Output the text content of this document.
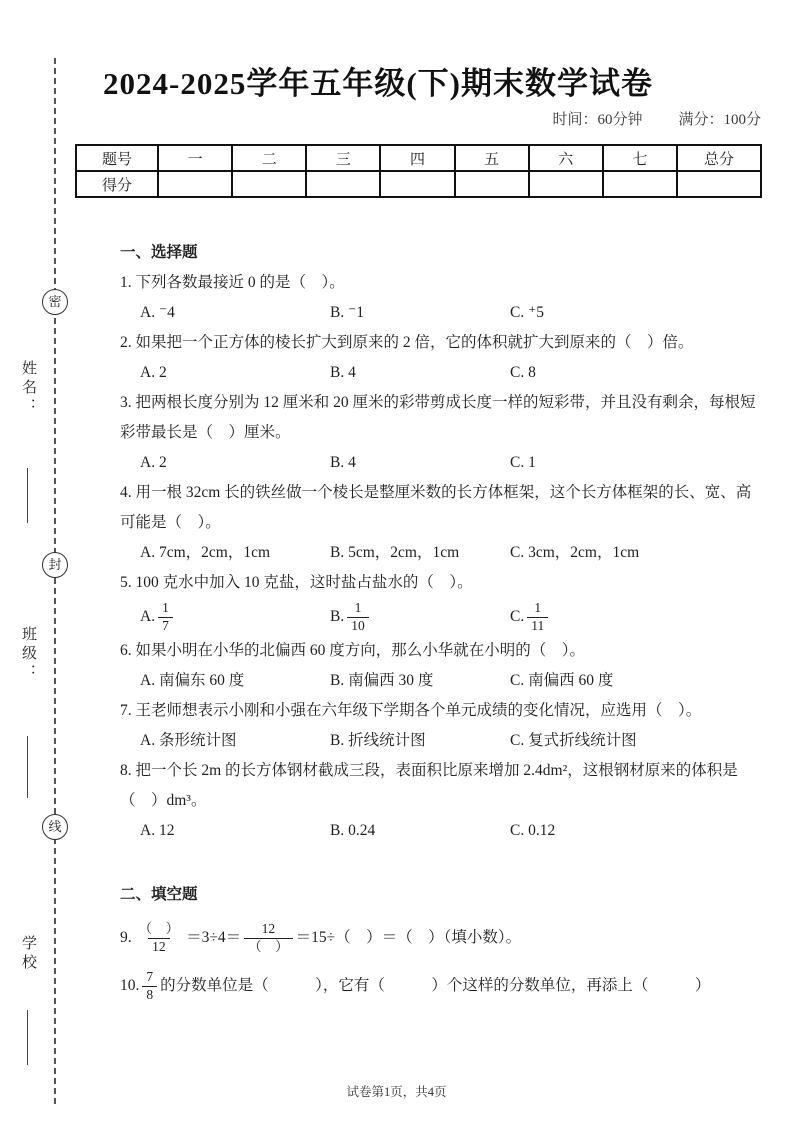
密
封
线
姓名：
班级：
学校
2024-2025学年五年级(下)期末数学试卷
时间：60分钟 满分：100分
题号	一	二	三	四	五	六	七	总分
得分								
一、选择题

1. 下列各数最接近 0 的是（　）。

A. ⁻4	B. ⁻1	C. ⁺5

2. 如果把一个正方体的棱长扩大到原来的 2 倍，它的体积就扩大到原来的（　）倍。

A. 2	B. 4	C. 8

3. 把两根长度分别为 12 厘米和 20 厘米的彩带剪成长度一样的短彩带，并且没有剩余，每根短彩带最长是（　）厘米。

A. 2	B. 4	C. 1

4. 用一根 32cm 长的铁丝做一个棱长是整厘米数的长方体框架，这个长方体框架的长、宽、高可能是（　）。

A. 7cm，2cm，1cm	B. 5cm，2cm，1cm	C. 3cm，2cm，1cm

5. 100 克水中加入 10 克盐，这时盐占盐水的（　）。

A. $\frac{1}{7}$	B. $\frac{1}{10}$	C. $\frac{1}{11}$

6. 如果小明在小华的北偏西 60 度方向，那么小华就在小明的（　）。

A. 南偏东 60 度	B. 南偏西 30 度	C. 南偏西 60 度

7. 王老师想表示小刚和小强在六年级下学期各个单元成绩的变化情况，应选用（　）。

A. 条形统计图	B. 折线统计图	C. 复式折线统计图

8. 把一个长 2m 的长方体钢材截成三段，表面积比原来增加 2.4dm²，这根钢材原来的体积是（　）dm³。

A. 12	B. 0.24	C. 0.12
二、填空题
9. $\frac{( )}{12} =3\div 4= \frac{12}{( )} =15\div$（　）＝（　）（填小数）。
10. $\frac{7}{8}$ 的分数单位是（　　　），它有（　　　）个这样的分数单位，再添上（　　　）
试卷第1页，共4页
